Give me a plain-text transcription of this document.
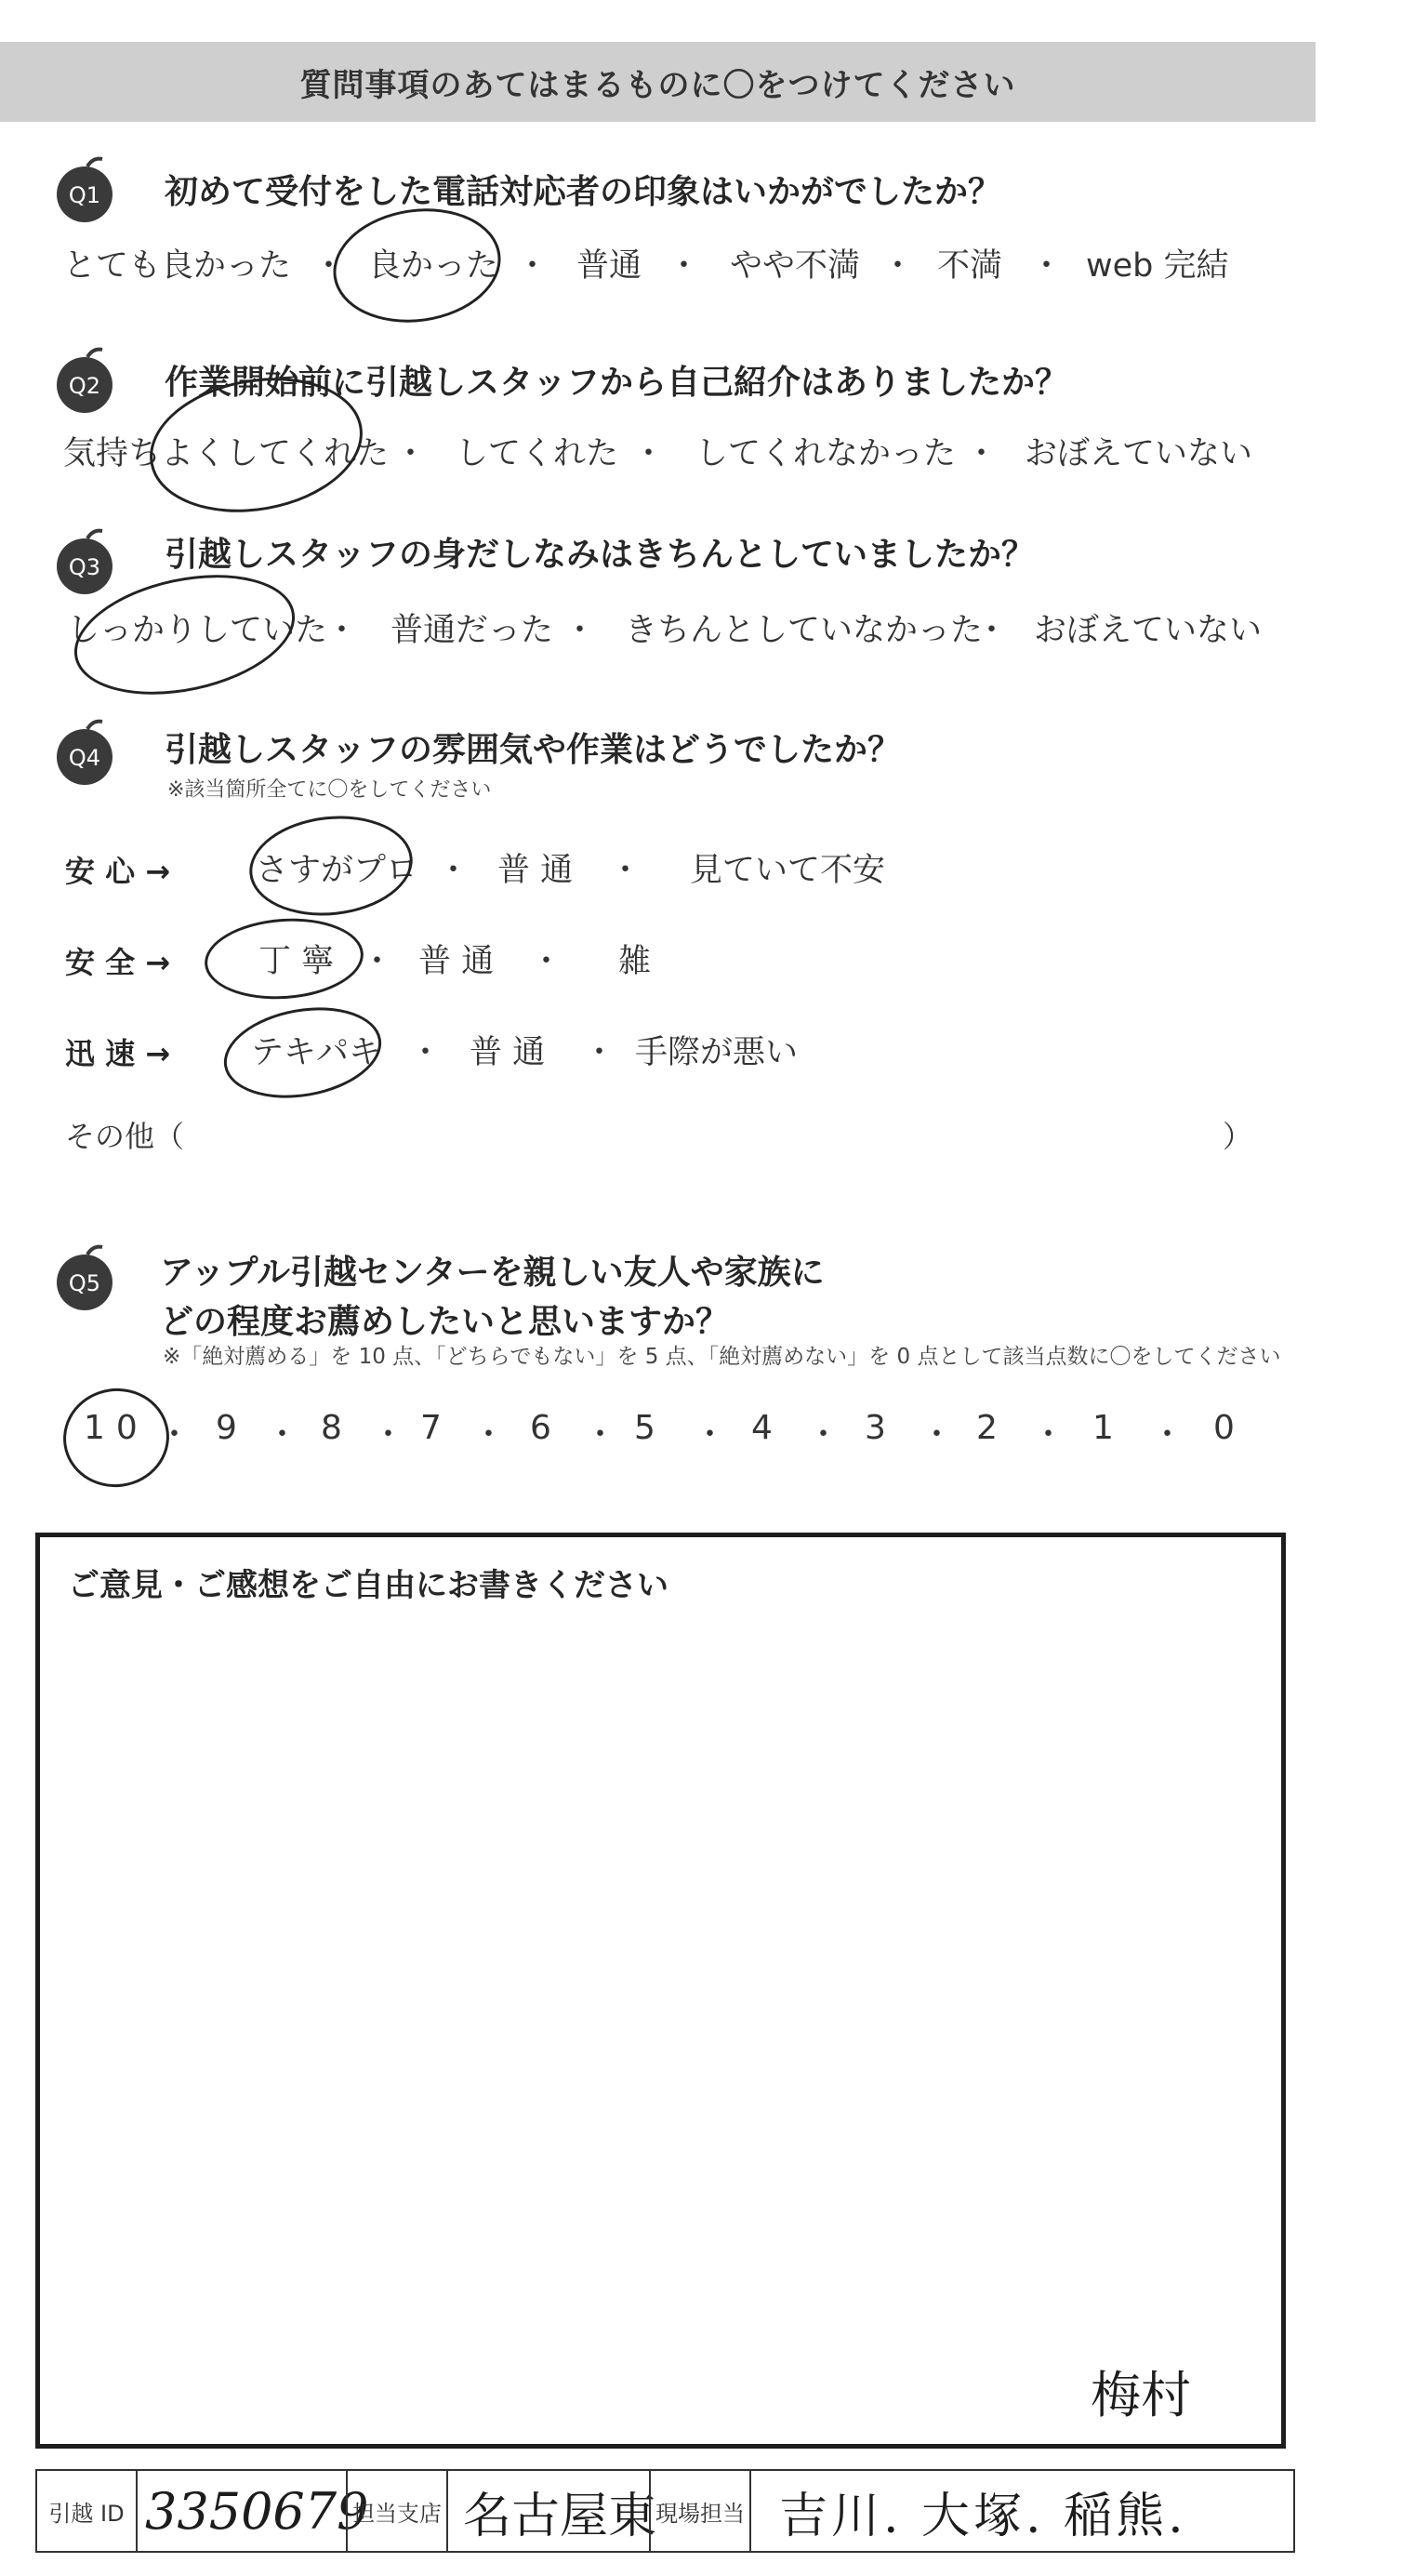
質問事項のあてはまるものに〇をつけてください
Q1 初めて受付をした電話対応者の印象はいかがでしたか？
とても良かった ・ 良かった ・ 普通 ・ やや不満 ・ 不満 ・ web 完結
Q2 作業開始前に引越しスタッフから自己紹介はありましたか？
気持ちよくしてくれた ・ してくれた ・ してくれなかった ・ おぼえていない
Q3 引越しスタッフの身だしなみはきちんとしていましたか？
しっかりしていた
・ 普通だった ・ きちんとしていなかった
・ おぼえていない
Q4 引越しスタッフの雰囲気や作業はどうでしたか？
※該当箇所全てに〇をしてください
安 心 →	さすがプロ ・ 普 通 ・ 見ていて不安
安 全 →	丁 寧 ・ 普 通 ・ 雑
迅 速 → テキパキ ・ 普 通 ・ 手際が悪い
その他（	）
Q5 アップル引越センターを親しい友人や家族に
どの程度お薦めしたいと思いますか？
※「絶対薦める」を 10 点、「どちらでもない」を 5 点、「絶対薦めない」を 0 点として該当点数に〇をしてください
10 ・ 9 ・ 8 ・ 7 ・ 6 ・ 5 ・ 4 ・ 3 ・ 2 ・ 1 ・ 0
ご意見・ご感想をご自由にお書きください
梅村
引越 ID 3350679
担当支店 名古屋東
現場担当 吉川. 大塚. 稲熊.
